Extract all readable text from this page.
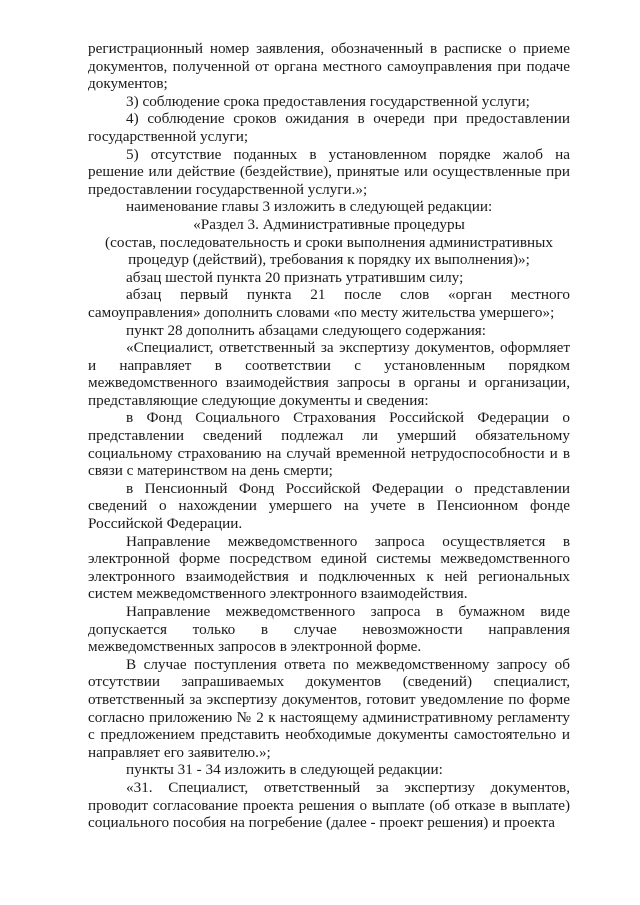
регистрационный номер заявления, обозначенный в расписке о приеме документов, полученной от органа местного самоуправления при подаче документов;

3) соблюдение срока предоставления государственной услуги;

4) соблюдение сроков ожидания в очереди при предоставлении государственной услуги;

5) отсутствие поданных в установленном порядке жалоб на решение или действие (бездействие), принятые или осуществленные при предоставлении государственной услуги.»;

наименование главы 3 изложить в следующей редакции:

«Раздел 3. Административные процедуры

(состав, последовательность и сроки выполнения административных процедур (действий), требования к порядку их выполнения)»;

абзац шестой пункта 20 признать утратившим силу;

абзац первый пункта 21 после слов «орган местного самоуправления» дополнить словами «по месту жительства умершего»;

пункт 28 дополнить абзацами следующего содержания:

«Специалист, ответственный за экспертизу документов, оформляет и направляет в соответствии с установленным порядком межведомственного взаимодействия запросы в органы и организации, представляющие следующие документы и сведения:

в Фонд Социального Страхования Российской Федерации о представлении сведений подлежал ли умерший обязательному социальному страхованию на случай временной нетрудоспособности и в связи с материнством на день смерти;

в Пенсионный Фонд Российской Федерации о представлении сведений о нахождении умершего на учете в Пенсионном фонде Российской Федерации.

Направление межведомственного запроса осуществляется в электронной форме посредством единой системы межведомственного электронного взаимодействия и подключенных к ней региональных систем межведомственного электронного взаимодействия.

Направление межведомственного запроса в бумажном виде допускается только в случае невозможности направления межведомственных запросов в электронной форме.

В случае поступления ответа по межведомственному запросу об отсутствии запрашиваемых документов (сведений) специалист, ответственный за экспертизу документов, готовит уведомление по форме согласно приложению № 2 к настоящему административному регламенту с предложением представить необходимые документы самостоятельно и направляет его заявителю.»;

пункты 31 - 34 изложить в следующей редакции:

«31. Специалист, ответственный за экспертизу документов, проводит согласование проекта решения о выплате (об отказе в выплате) социального пособия на погребение (далее - проект решения) и проекта
